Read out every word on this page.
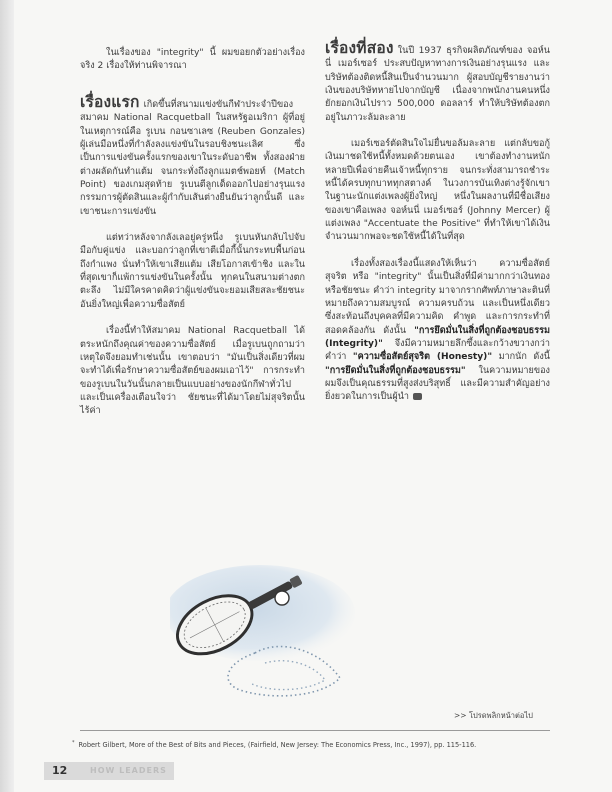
ในเรื่องของ "integrity" นี้ ผมขอยกตัวอย่างเรื่องจริง 2 เรื่องให้ท่านพิจารณา

เรื่องแรก เกิดขึ้นที่สนามแข่งขันกีฬาประจำปีของสมาคม National Racquetball ในสหรัฐอเมริกา ผู้ที่อยู่ในเหตุการณ์คือ รูเบน กอนซาเลซ (Reuben Gonzales) ผู้เล่นมือหนึ่งที่กำลังลงแข่งขันในรอบชิงชนะเลิศ ซึ่งเป็นการแข่งขันครั้งแรกของเขาในระดับอาชีพ ทั้งสองฝ่ายต่างผลัดกันทำแต้ม จนกระทั่งถึงลูกแมตช์พอยท์ (Match Point) ของเกมสุดท้าย รูเบนตีลูกเด็ดออกไปอย่างรุนแรง กรรมการผู้ตัดสินและผู้กำกับเส้นต่างยืนยันว่าลูกนั้นดี และเขาชนะการแข่งขัน

แต่ทว่าหลังจากลังเลอยู่ครู่หนึ่ง รูเบนหันกลับไปจับมือกับคู่แข่ง และบอกว่าลูกที่เขาตีเมื่อกี้นั้นกระทบพื้นก่อนถึงกำแพง นั่นทำให้เขาเสียแต้ม เสียโอกาสเข้าชิง และในที่สุดเขาก็แพ้การแข่งขันในครั้งนั้น ทุกคนในสนามต่างตกตะลึง ไม่มีใครคาดคิดว่าผู้แข่งขันจะยอมเสียสละชัยชนะอันยิ่งใหญ่เพื่อความซื่อสัตย์

เรื่องนี้ทำให้สมาคม National Racquetball ได้ตระหนักถึงคุณค่าของความซื่อสัตย์ เมื่อรูเบนถูกถามว่าเหตุใดจึงยอมทำเช่นนั้น เขาตอบว่า "มันเป็นสิ่งเดียวที่ผมจะทำได้เพื่อรักษาความซื่อสัตย์ของผมเอาไว้" การกระทำของรูเบนในวันนั้นกลายเป็นแบบอย่างของนักกีฬาทั่วไป และเป็นเครื่องเตือนใจว่า ชัยชนะที่ได้มาโดยไม่สุจริตนั้นไร้ค่า

เรื่องที่สอง ในปี 1937 ธุรกิจผลิตภัณฑ์ของ จอห์นนี่ เมอร์เซอร์ ประสบปัญหาทางการเงินอย่างรุนแรง และบริษัทต้องติดหนี้สินเป็นจำนวนมาก ผู้สอบบัญชีรายงานว่าเงินของบริษัทหายไปจากบัญชี เนื่องจากพนักงานคนหนึ่งยักยอกเงินไปราว 500,000 ดอลลาร์ ทำให้บริษัทต้องตกอยู่ในภาวะล้มละลาย

เมอร์เซอร์ตัดสินใจไม่ยื่นขอล้มละลาย แต่กลับขอกู้เงินมาชดใช้หนี้ทั้งหมดด้วยตนเอง เขาต้องทำงานหนักหลายปีเพื่อจ่ายคืนเจ้าหนี้ทุกราย จนกระทั่งสามารถชำระหนี้ได้ครบทุกบาททุกสตางค์ ในวงการบันเทิงต่างรู้จักเขาในฐานะนักแต่งเพลงผู้ยิ่งใหญ่ หนึ่งในผลงานที่มีชื่อเสียงของเขาคือเพลง จอห์นนี่ เมอร์เซอร์ (Johnny Mercer) ผู้แต่งเพลง "Accentuate the Positive" ที่ทำให้เขาได้เงินจำนวนมากพอจะชดใช้หนี้ได้ในที่สุด

เรื่องทั้งสองเรื่องนี้แสดงให้เห็นว่า ความซื่อสัตย์สุจริต หรือ "integrity" นั้นเป็นสิ่งที่มีค่ามากกว่าเงินทองหรือชัยชนะ คำว่า integrity มาจากรากศัพท์ภาษาละตินที่หมายถึงความสมบูรณ์ ความครบถ้วน และเป็นหนึ่งเดียว ซึ่งสะท้อนถึงบุคคลที่มีความคิด คำพูด และการกระทำที่สอดคล้องกัน ดังนั้น "การยึดมั่นในสิ่งที่ถูกต้องชอบธรรม (Integrity)" จึงมีความหมายลึกซึ้งและกว้างขวางกว่าคำว่า "ความซื่อสัตย์สุจริต (Honesty)" มากนัก ดังนี้ "การยึดมั่นในสิ่งที่ถูกต้องชอบธรรม" ในความหมายของผมจึงเป็นคุณธรรมที่สูงส่งบริสุทธิ์ และมีความสำคัญอย่างยิ่งยวดในการเป็นผู้นำ

>> โปรดพลิกหน้าต่อไป
* Robert Gilbert, More of the Best of Bits and Pieces, (Fairfield, New Jersey: The Economics Press, Inc., 1997), pp. 115-116.
12	HOW LEADERS
